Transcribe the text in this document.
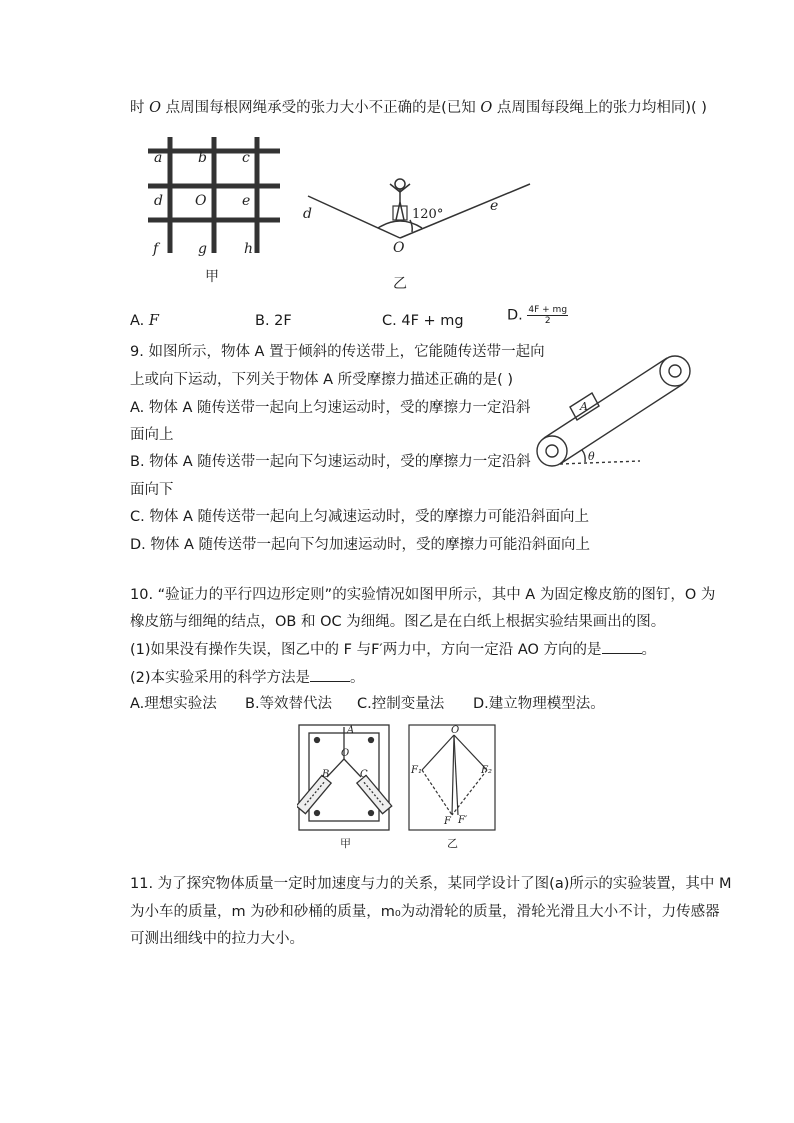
时 O 点周围每根网绳承受的张力大小不正确的是(已知 O 点周围每段绳上的张力均相同)( )
a	b	c
d O	e
f	g	h
甲
d	e
O
120°
乙
A. F	B. 2F	C. 4F + mg	D. $\frac{4F + mg}{2}$
9. 如图所示，物体 A 置于倾斜的传送带上，它能随传送带一起向
上或向下运动，下列关于物体 A 所受摩擦力描述正确的是( )
A. 物体 A 随传送带一起向上匀速运动时，受的摩擦力一定沿斜
面向上
B. 物体 A 随传送带一起向下匀速运动时，受的摩擦力一定沿斜
面向下
C. 物体 A 随传送带一起向上匀减速运动时，受的摩擦力可能沿斜面向上
D. 物体 A 随传送带一起向下匀加速运动时，受的摩擦力可能沿斜面向上
A
θ
10. “验证力的平行四边形定则”的实验情况如图甲所示，其中 A 为固定橡皮筋的图钉，O 为
橡皮筋与细绳的结点，OB 和 OC 为细绳。图乙是在白纸上根据实验结果画出的图。
(1)如果没有操作失误，图乙中的 F 与F′两力中，方向一定沿 AO 方向的是	。
(2)本实验采用的科学方法是	。
A.理想实验法 B.等效替代法 C.控制变量法 D.建立物理模型法。
A
O
B	C
甲
O
F₁	F₂
F F′
乙
11. 为了探究物体质量一定时加速度与力的关系，某同学设计了图(a)所示的实验装置，其中 M
为小车的质量，m 为砂和砂桶的质量，m₀为动滑轮的质量，滑轮光滑且大小不计，力传感器
可测出细线中的拉力大小。
